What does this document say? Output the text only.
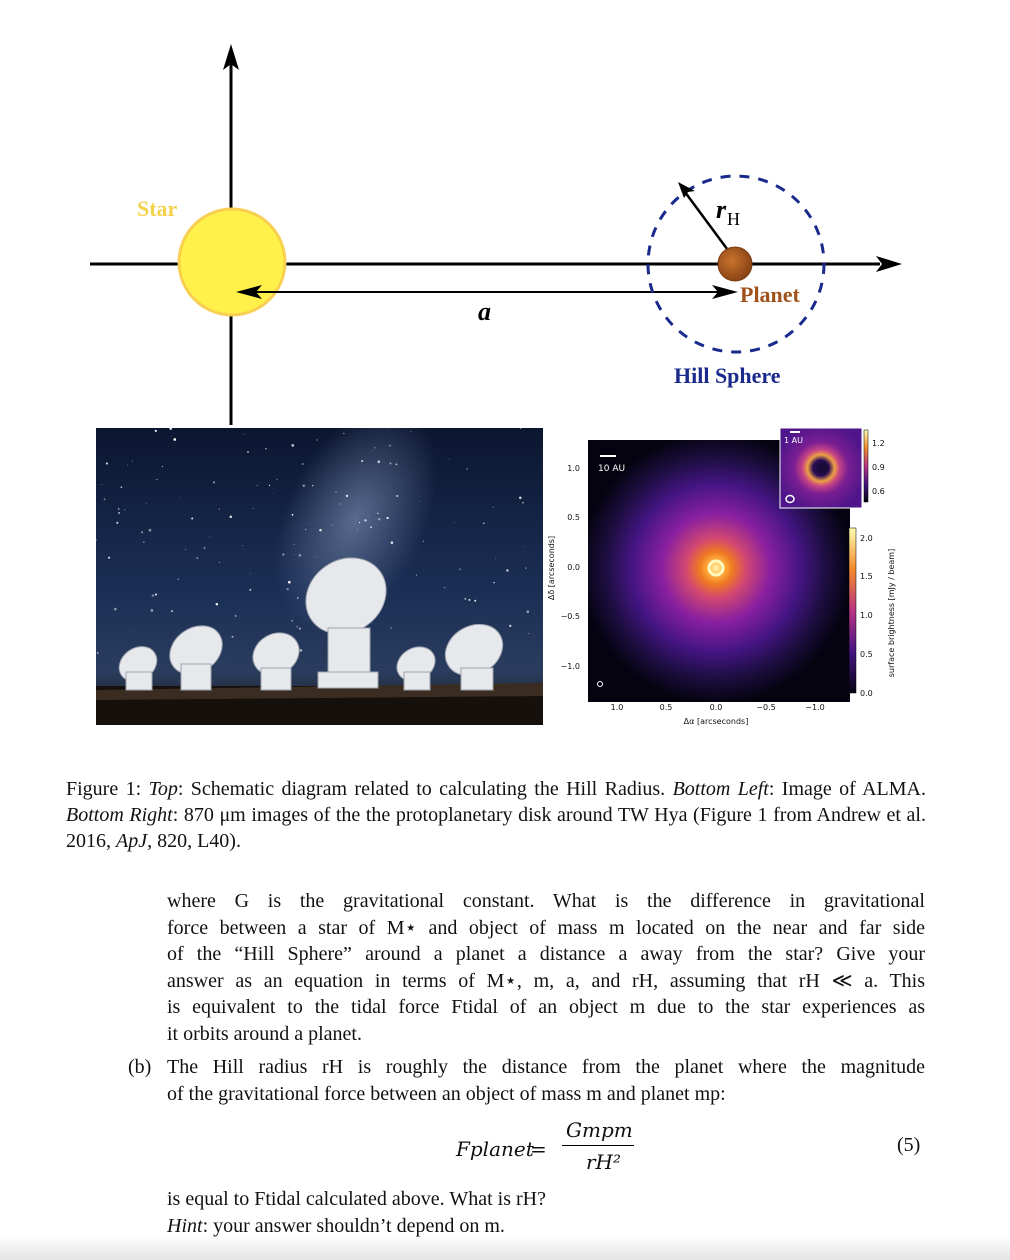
Star
a
r H
Planet
Hill Sphere
10 AU
1 AU
1.0
0.5
0.0
−0.5
−1.0
1.0	0.5	0.0	−0.5	−1.0
Δα [arcseconds]
Δδ [arcseconds]	2.0
1.5
1.0
0.5
0.0
1.2
0.9
0.6
surface brightness [mJy / beam]
Figure 1: Top: Schematic diagram related to calculating the Hill Radius. Bottom Left: Image of ALMA. Bottom Right: 870 μm images of the the protoplanetary disk around TW Hya (Figure 1 from Andrew et al. 2016, ApJ, 820, L40).
where G is the gravitational constant. What is the difference in gravitational
force between a star of M⋆ and object of mass m located on the near and far side
of the “Hill Sphere” around a planet a distance a away from the star? Give your
answer as an equation in terms of M⋆, m, a, and rH, assuming that rH ≪ a. This
is equivalent to the tidal force Ftidal of an object m due to the star experiences as
it orbits around a planet.
(b) The Hill radius rH is roughly the distance from the planet where the magnitude
of the gravitational force between an object of mass m and planet mp:
Fplanet
=
Gmpm
rH²
(5)
is equal to Ftidal calculated above. What is rH?
Hint: your answer shouldn’t depend on m.
